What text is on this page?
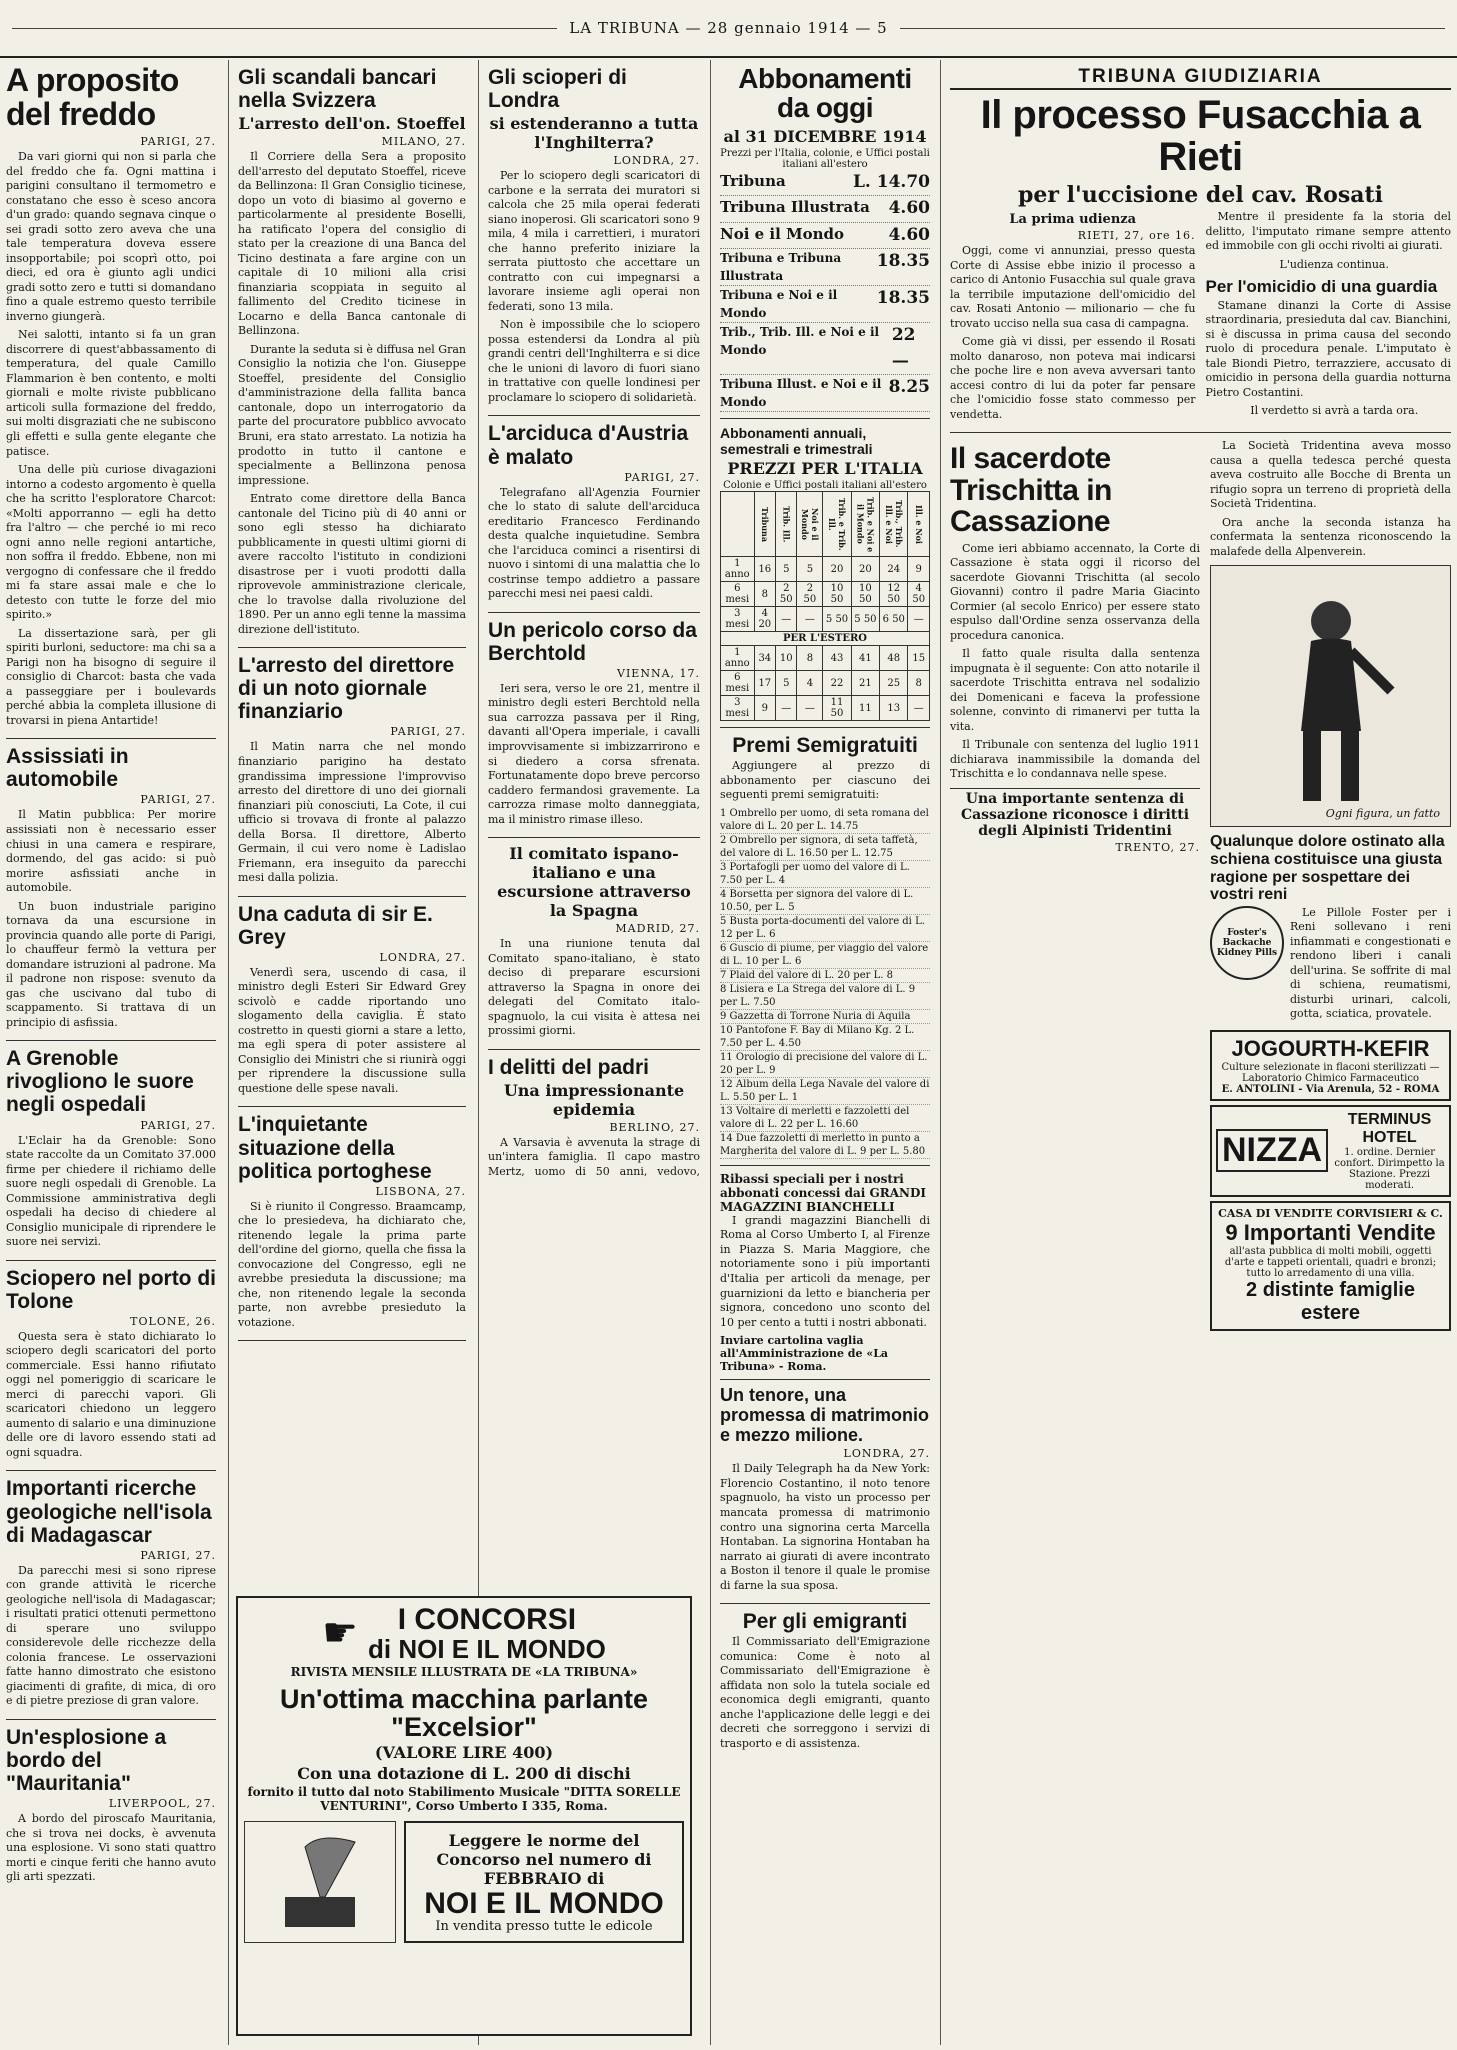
LA TRIBUNA — 28 gennaio 1914 — 5
A proposito del freddo
PARIGI, 27.

Da vari giorni qui non si parla che del freddo che fa. Ogni mattina i parigini consultano il termometro e constatano che esso è sceso ancora d'un grado: quando segnava cinque o sei gradi sotto zero aveva che una tale temperatura doveva essere insopportabile; poi scoprì otto, poi dieci, ed ora è giunto agli undici gradi sotto zero e tutti si domandano fino a quale estremo questo terribile inverno giungerà.

Nei salotti, intanto si fa un gran discorrere di quest'abbassamento di temperatura, del quale Camillo Flammarion è ben contento, e molti giornali e molte riviste pubblicano articoli sulla formazione del freddo, sui molti disgraziati che ne subiscono gli effetti e sulla gente elegante che patisce.

Una delle più curiose divagazioni intorno a codesto argomento è quella che ha scritto l'esploratore Charcot: «Molti apporranno — egli ha detto fra l'altro — che perché io mi reco ogni anno nelle regioni antartiche, non soffra il freddo. Ebbene, non mi vergogno di confessare che il freddo mi fa stare assai male e che lo detesto con tutte le forze del mio spirito.»

La dissertazione sarà, per gli spiriti burloni, seductore: ma chi sa a Parigi non ha bisogno di seguire il consiglio di Charcot: basta che vada a passeggiare per i boulevards perché abbia la completa illusione di trovarsi in piena Antartide!

Assissiati in automobile
PARIGI, 27.

Il Matin pubblica: Per morire assissiati non è necessario esser chiusi in una camera e respirare, dormendo, del gas acido: si può morire asfissiati anche in automobile.

Un buon industriale parigino tornava da una escursione in provincia quando alle porte di Parigi, lo chauffeur fermò la vettura per domandare istruzioni al padrone. Ma il padrone non rispose: svenuto da gas che uscivano dal tubo di scappamento. Si trattava di un principio di asfissia.

A Grenoble rivogliono le suore negli ospedali
PARIGI, 27.

L'Eclair ha da Grenoble: Sono state raccolte da un Comitato 37.000 firme per chiedere il richiamo delle suore negli ospedali di Grenoble. La Commissione amministrativa degli ospedali ha deciso di chiedere al Consiglio municipale di riprendere le suore nei servizi.

Sciopero nel porto di Tolone
TOLONE, 26.

Questa sera è stato dichiarato lo sciopero degli scaricatori del porto commerciale. Essi hanno rifiutato oggi nel pomeriggio di scaricare le merci di parecchi vapori. Gli scaricatori chiedono un leggero aumento di salario e una diminuzione delle ore di lavoro essendo stati ad ogni squadra.

Importanti ricerche geologiche nell'isola di Madagascar
PARIGI, 27.

Da parecchi mesi si sono riprese con grande attività le ricerche geologiche nell'isola di Madagascar; i risultati pratici ottenuti permettono di sperare uno sviluppo considerevole delle ricchezze della colonia francese. Le osservazioni fatte hanno dimostrato che esistono giacimenti di grafite, di mica, di oro e di pietre preziose di gran valore.

Un'esplosione a bordo del "Mauritania"
LIVERPOOL, 27.

A bordo del piroscafo Mauritania, che si trova nei docks, è avvenuta una esplosione. Vi sono stati quattro morti e cinque feriti che hanno avuto gli arti spezzati.

Gli scandali bancari nella Svizzera
L'arresto dell'on. Stoeffel
MILANO, 27.

Il Corriere della Sera a proposito dell'arresto del deputato Stoeffel, riceve da Bellinzona: Il Gran Consiglio ticinese, dopo un voto di biasimo al governo e particolarmente al presidente Boselli, ha ratificato l'opera del consiglio di stato per la creazione di una Banca del Ticino destinata a fare argine con un capitale di 10 milioni alla crisi finanziaria scoppiata in seguito al fallimento del Credito ticinese in Locarno e della Banca cantonale di Bellinzona.

Durante la seduta si è diffusa nel Gran Consiglio la notizia che l'on. Giuseppe Stoeffel, presidente del Consiglio d'amministrazione della fallita banca cantonale, dopo un interrogatorio da parte del procuratore pubblico avvocato Bruni, era stato arrestato. La notizia ha prodotto in tutto il cantone e specialmente a Bellinzona penosa impressione.

Entrato come direttore della Banca cantonale del Ticino più di 40 anni or sono egli stesso ha dichiarato pubblicamente in questi ultimi giorni di avere raccolto l'istituto in condizioni disastrose per i vuoti prodotti dalla riprovevole amministrazione clericale, che lo travolse dalla rivoluzione del 1890. Per un anno egli tenne la massima direzione dell'istituto.

L'arresto del direttore di un noto giornale finanziario
PARIGI, 27.

Il Matin narra che nel mondo finanziario parigino ha destato grandissima impressione l'improvviso arresto del direttore di uno dei giornali finanziari più conosciuti, La Cote, il cui ufficio si trovava di fronte al palazzo della Borsa. Il direttore, Alberto Germain, il cui vero nome è Ladislao Friemann, era inseguito da parecchi mesi dalla polizia.

Una caduta di sir E. Grey
LONDRA, 27.

Venerdì sera, uscendo di casa, il ministro degli Esteri Sir Edward Grey scivolò e cadde riportando uno slogamento della caviglia. È stato costretto in questi giorni a stare a letto, ma egli spera di poter assistere al Consiglio dei Ministri che si riunirà oggi per riprendere la discussione sulla questione delle spese navali.

L'inquietante situazione della politica portoghese
LISBONA, 27.

Si è riunito il Congresso. Braamcamp, che lo presiedeva, ha dichiarato che, ritenendo legale la prima parte dell'ordine del giorno, quella che fissa la convocazione del Congresso, egli ne avrebbe presieduta la discussione; ma che, non ritenendo legale la seconda parte, non avrebbe presieduto la votazione.

Gli scioperi di Londra
si estenderanno a tutta l'Inghilterra?
LONDRA, 27.

Per lo sciopero degli scaricatori di carbone e la serrata dei muratori si calcola che 25 mila operai federati siano inoperosi. Gli scaricatori sono 9 mila, 4 mila i carrettieri, i muratori che hanno preferito iniziare la serrata piuttosto che accettare un contratto con cui impegnarsi a lavorare insieme agli operai non federati, sono 13 mila.

Non è impossibile che lo sciopero possa estendersi da Londra al più grandi centri dell'Inghilterra e si dice che le unioni di lavoro di fuori siano in trattative con quelle londinesi per proclamare lo sciopero di solidarietà.

L'arciduca d'Austria è malato
PARIGI, 27.

Telegrafano all'Agenzia Fournier che lo stato di salute dell'arciduca ereditario Francesco Ferdinando desta qualche inquietudine. Sembra che l'arciduca cominci a risentirsi di nuovo i sintomi di una malattia che lo costrinse tempo addietro a passare parecchi mesi nei paesi caldi.

Un pericolo corso da Berchtold
VIENNA, 17.

Ieri sera, verso le ore 21, mentre il ministro degli esteri Berchtold nella sua carrozza passava per il Ring, davanti all'Opera imperiale, i cavalli improvvisamente si imbizzarrirono e si diedero a corsa sfrenata. Fortunatamente dopo breve percorso caddero fermandosi gravemente. La carrozza rimase molto danneggiata, ma il ministro rimase illeso.

Il comitato ispano-italiano e una escursione attraverso la Spagna
MADRID, 27.

In una riunione tenuta dal Comitato spano-italiano, è stato deciso di preparare escursioni attraverso la Spagna in onore dei delegati del Comitato italo-spagnuolo, la cui visita è attesa nei prossimi giorni.

I delitti del padri
Una impressionante epidemia
BERLINO, 27.

A Varsavia è avvenuta la strage di un'intera famiglia. Il capo mastro Mertz, uomo di 50 anni, vedovo,

☛	I CONCORSI
di NOI E IL MONDO
RIVISTA MENSILE ILLUSTRATA DE «LA TRIBUNA»
Un'ottima macchina parlante "Excelsior"
(VALORE LIRE 400)
Con una dotazione di L. 200 di dischi
fornito il tutto dal noto Stabilimento Musicale "DITTA SORELLE VENTURINI", Corso Umberto I 335, Roma.
Leggere le norme del Concorso nel numero di FEBBRAIO di
NOI E IL MONDO
In vendita presso tutte le edicole
Abbonamenti da oggi
al 31 DICEMBRE 1914
Prezzi per l'Italia, colonie, e Uffici postali italiani all'estero
Tribuna	L. 14.70
Tribuna Illustrata 4.60
Noi e il Mondo	4.60
Tribuna e Tribuna Illustrata
18.35
Tribuna e Noi e il Mondo
18.35
Trib., Trib. Ill. e Noi e il Mondo
22 —
Tribuna Illust. e Noi e il Mondo
8.25
Abbonamenti annuali, semestrali e trimestrali
PREZZI PER L'ITALIA
Colonie e Uffici postali italiani all'estero
	Tribuna	Trib. Ill.	Noi e il Mondo	Trib. e Trib. Ill.	Trib. e Noi e il Mondo	Trib., Trib. Ill. e Noi	Ill. e Noi
1 anno	16	5	5	20	20	24	9
6 mesi	8	2 50	2 50	10 50	10 50	12 50	4 50
3 mesi	4 20	—	—	5 50	5 50	6 50	—
PER L'ESTERO							
1 anno	34	10	8	43	41	48	15
6 mesi	17	5	4	22	21	25	8
3 mesi	9	—	—	11 50	11	13	—
Premi Semigratuiti

Aggiungere al prezzo di abbonamento per ciascuno dei seguenti premi semigratuiti:

1 Ombrello per uomo, di seta romana del valore di L. 20 per L. 14.75
2 Ombrello per signora, di seta taffetà, del valore di L. 16.50 per L. 12.75
3 Portafogli per uomo del valore di L. 7.50 per L. 4
4 Borsetta per signora del valore di L. 10.50, per L. 5
5 Busta porta-documenti del valore di L. 12 per L. 6
6 Guscio di piume, per viaggio del valore di L. 10 per L. 6
7 Plaid del valore di L. 20 per L. 8
8 Lisiera e La Strega del valore di L. 9 per L. 7.50
9 Gazzetta di Torrone Nuria di Aquila
10 Pantofone F. Bay di Milano Kg. 2 L. 7.50 per L. 4.50
11 Orologio di precisione del valore di L. 20 per L. 9
12 Album della Lega Navale del valore di L. 5.50 per L. 1
13 Voltaire di merletti e fazzoletti del valore di L. 22 per L. 16.60
14 Due fazzoletti di merletto in punto a Margherita del valore di L. 9 per L. 5.80
Ribassi speciali per i nostri abbonati concessi dai GRANDI MAGAZZINI BIANCHELLI

I grandi magazzini Bianchelli di Roma al Corso Umberto I, al Firenze in Piazza S. Maria Maggiore, che notoriamente sono i più importanti d'Italia per articoli da menage, per guarnizioni da letto e biancheria per signora, concedono uno sconto del 10 per cento a tutti i nostri abbonati.

Inviare cartolina vaglia all'Amministrazione de «La Tribuna» - Roma.
Un tenore, una promessa di matrimonio e mezzo milione.
LONDRA, 27.

Il Daily Telegraph ha da New York: Florencio Costantino, il noto tenore spagnuolo, ha visto un processo per mancata promessa di matrimonio contro una signorina certa Marcella Hontaban. La signorina Hontaban ha narrato ai giurati di avere incontrato a Boston il tenore il quale le promise di farne la sua sposa.

Per gli emigranti

Il Commissariato dell'Emigrazione comunica: Come è noto al Commissariato dell'Emigrazione è affidata non solo la tutela sociale ed economica degli emigranti, quanto anche l'applicazione delle leggi e dei decreti che sorreggono i servizi di trasporto e di assistenza.

TRIBUNA GIUDIZIARIA
Il processo Fusacchia a Rieti
per l'uccisione del cav. Rosati
La prima udienza
RIETI, 27, ore 16.

Oggi, come vi annunziai, presso questa Corte di Assise ebbe inizio il processo a carico di Antonio Fusacchia sul quale grava la terribile imputazione dell'omicidio del cav. Rosati Antonio — milionario — che fu trovato ucciso nella sua casa di campagna.

Come già vi dissi, per essendo il Rosati molto danaroso, non poteva mai indicarsi che poche lire e non aveva avversari tanto accesi contro di lui da poter far pensare che l'omicidio fosse stato commesso per vendetta.

Mentre il presidente fa la storia del delitto, l'imputato rimane sempre attento ed immobile con gli occhi rivolti ai giurati.

L'udienza continua.

Per l'omicidio di una guardia

Stamane dinanzi la Corte di Assise straordinaria, presieduta dal cav. Bianchini, si è discussa in prima causa del secondo ruolo di procedura penale. L'imputato è tale Biondi Pietro, terrazziere, accusato di omicidio in persona della guardia notturna Pietro Costantini.

Il verdetto si avrà a tarda ora.

Il sacerdote Trischitta in Cassazione

Come ieri abbiamo accennato, la Corte di Cassazione è stata oggi il ricorso del sacerdote Giovanni Trischitta (al secolo Giovanni) contro il padre Maria Giacinto Cormier (al secolo Enrico) per essere stato espulso dall'Ordine senza osservanza della procedura canonica.

Il fatto quale risulta dalla sentenza impugnata è il seguente: Con atto notarile il sacerdote Trischitta entrava nel sodalizio dei Domenicani e faceva la professione solenne, convinto di rimanervi per tutta la vita.

Il Tribunale con sentenza del luglio 1911 dichiarava inammissibile la domanda del Trischitta e lo condannava nelle spese.

Una importante sentenza di Cassazione riconosce i diritti degli Alpinisti Tridentini
TRENTO, 27.

La Società Tridentina aveva mosso causa a quella tedesca perché questa aveva costruito alle Bocche di Brenta un rifugio sopra un terreno di proprietà della Società Tridentina.

Ora anche la seconda istanza ha confermata la sentenza riconoscendo la malafede della Alpenverein.

Ogni figura, un fatto
Qualunque dolore ostinato alla schiena costituisce una giusta ragione per sospettare dei vostri reni
Foster's Backache Kidney Pills

Le Pillole Foster per i Reni sollevano i reni infiammati e congestionati e rendono liberi i canali dell'urina. Se soffrite di mal di schiena, reumatismi, disturbi urinari, calcoli, gotta, sciatica, provatele.

JOGOURTH-KEFIR
Culture selezionate in flaconi sterilizzati — Laboratorio Chimico Farmaceutico
E. ANTOLINI - Via Arenula, 52 - ROMA
NIZZA
TERMINUS HOTEL
1. ordine. Dernier confort. Dirimpetto la Stazione. Prezzi moderati.
CASA DI VENDITE CORVISIERI & C.
9 Importanti Vendite
all'asta pubblica di molti mobili, oggetti d'arte e tappeti orientali, quadri e bronzi; tutto lo arredamento di una villa.
2 distinte famiglie estere
